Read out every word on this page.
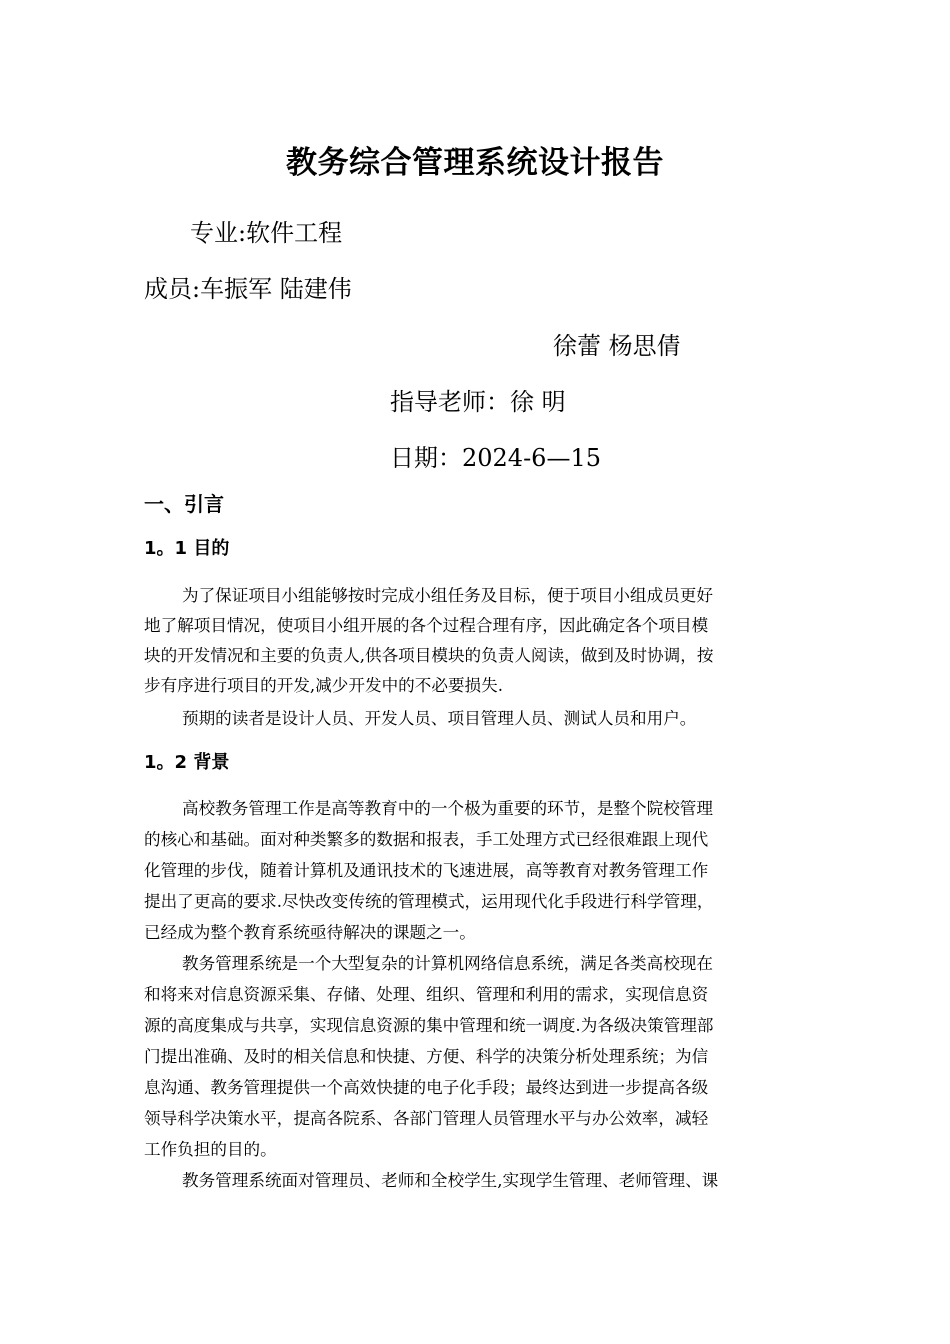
教务综合管理系统设计报告
专业:软件工程
成员:车振军 陆建伟
徐蕾 杨思倩
指导老师：徐 明
日期：2024-6—15
一、引言
1。1 目的
为了保证项目小组能够按时完成小组任务及目标，便于项目小组成员更好
地了解项目情况，使项目小组开展的各个过程合理有序，因此确定各个项目模
块的开发情况和主要的负责人,供各项目模块的负责人阅读，做到及时协调，按
步有序进行项目的开发,减少开发中的不必要损失.
预期的读者是设计人员、开发人员、项目管理人员、测试人员和用户。
1。2 背景
高校教务管理工作是高等教育中的一个极为重要的环节，是整个院校管理
的核心和基础。面对种类繁多的数据和报表，手工处理方式已经很难跟上现代
化管理的步伐，随着计算机及通讯技术的飞速进展，高等教育对教务管理工作
提出了更高的要求.尽快改变传统的管理模式，运用现代化手段进行科学管理，
已经成为整个教育系统亟待解决的课题之一。
教务管理系统是一个大型复杂的计算机网络信息系统，满足各类高校现在
和将来对信息资源采集、存储、处理、组织、管理和利用的需求，实现信息资
源的高度集成与共享，实现信息资源的集中管理和统一调度.为各级决策管理部
门提出准确、及时的相关信息和快捷、方便、科学的决策分析处理系统；为信
息沟通、教务管理提供一个高效快捷的电子化手段；最终达到进一步提高各级
领导科学决策水平，提高各院系、各部门管理人员管理水平与办公效率，减轻
工作负担的目的。
教务管理系统面对管理员、老师和全校学生,实现学生管理、老师管理、课
